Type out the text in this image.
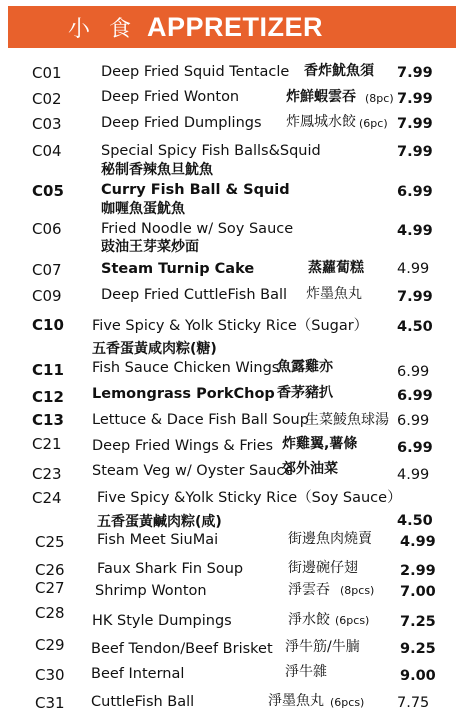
小 食 APPRETIZER
C01	Deep Fried Squid Tentacle 香炸魷魚須 7.99
C02	Deep Fried Wonton	炸鮮蝦雲吞 (8pc) 7.99
C03	Deep Fried Dumplings 炸鳳城水餃 (6pc) 7.99
C04	Special Spicy Fish Balls&Squid
秘制香辣魚旦魷魚
7.99
C05	Curry Fish Ball & Squid
咖喱魚蛋魷魚
6.99
C06	Fried Noodle w/ Soy Sauce
豉油王芽菜炒面
4.99
C07	Steam Turnip Cake	蒸蘿蔔糕 4.99
C09	Deep Fried CuttleFish Ball 炸墨魚丸 7.99
C10 Five Spicy & Yolk Sticky Rice（Sugar）
五香蛋黃咸肉粽(糖)
4.50
C11 Fish Sauce Chicken Wings
魚露雞亦	6.99
C12 Lemongrass PorkChop 香茅豬扒	6.99
C13 Lettuce & Dace Fish Ball Soup
生菜鯪魚球湯 6.99
C21 Deep Fried Wings & Fries 炸雞翼,薯條	6.99
C23 Steam Veg w/ Oyster Sauce
郊外油菜	4.99
C24 Five Spicy &Yolk Sticky Rice（Soy Sauce）
五香蛋黃鹹肉粽(咸)	4.50
C25 Fish Meet SiuMai	街邊魚肉燒賣 4.99
C26 Faux Shark Fin Soup	街邊碗仔翅	2.99
C27 Shrimp Wonton	淨雲吞 (8pcs) 7.00
C28 HK Style Dumpings	淨水餃 (6pcs) 7.25
C29 Beef Tendon/Beef Brisket 淨牛筋/牛腩	9.25
C30 Beef Internal	淨牛雜	9.00
C31 CuttleFish Ball	淨墨魚丸 (6pcs) 7.75
